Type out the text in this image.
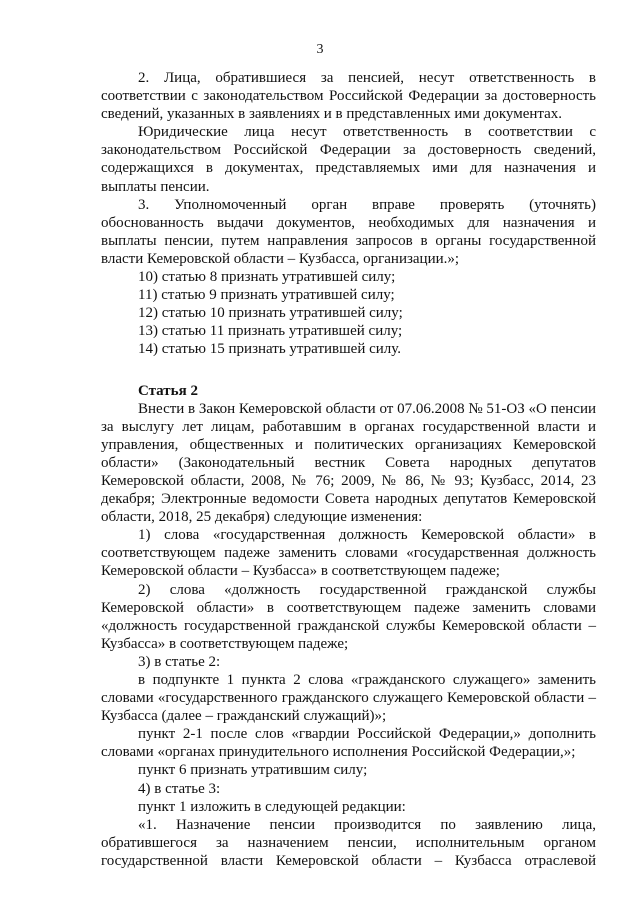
3

2. Лица, обратившиеся за пенсией, несут ответственность в соответствии с законодательством Российской Федерации за достоверность сведений, указанных в заявлениях и в представленных ими документах.

Юридические лица несут ответственность в соответствии с законодательством Российской Федерации за достоверность сведений, содержащихся в документах, представляемых ими для назначения и выплаты пенсии.

3. Уполномоченный орган вправе проверять (уточнять) обоснованность выдачи документов, необходимых для назначения и выплаты пенсии, путем направления запросов в органы государственной власти Кемеровской области – Кузбасса, организации.»;

10) статью 8 признать утратившей силу;

11) статью 9 признать утратившей силу;

12) статью 10 признать утратившей силу;

13) статью 11 признать утратившей силу;

14) статью 15 признать утратившей силу.

Статья 2

Внести в Закон Кемеровской области от 07.06.2008 № 51-ОЗ «О пенсии за выслугу лет лицам, работавшим в органах государственной власти и управления, общественных и политических организациях Кемеровской области» (Законодательный вестник Совета народных депутатов Кемеровской области, 2008, № 76; 2009, № 86, № 93; Кузбасс, 2014, 23 декабря; Электронные ведомости Совета народных депутатов Кемеровской области, 2018, 25 декабря) следующие изменения:

1) слова «государственная должность Кемеровской области» в соответствующем падеже заменить словами «государственная должность Кемеровской области – Кузбасса» в соответствующем падеже;

2) слова «должность государственной гражданской службы Кемеровской области» в соответствующем падеже заменить словами «должность государственной гражданской службы Кемеровской области – Кузбасса» в соответствующем падеже;

3) в статье 2:

в подпункте 1 пункта 2 слова «гражданского служащего» заменить словами «государственного гражданского служащего Кемеровской области – Кузбасса (далее – гражданский служащий)»;

пункт 2-1 после слов «гвардии Российской Федерации,» дополнить словами «органах принудительного исполнения Российской Федерации,»;

пункт 6 признать утратившим силу;

4) в статье 3:

пункт 1 изложить в следующей редакции:

«1. Назначение пенсии производится по заявлению лица, обратившегося за назначением пенсии, исполнительным органом государственной власти Кемеровской области – Кузбасса отраслевой
